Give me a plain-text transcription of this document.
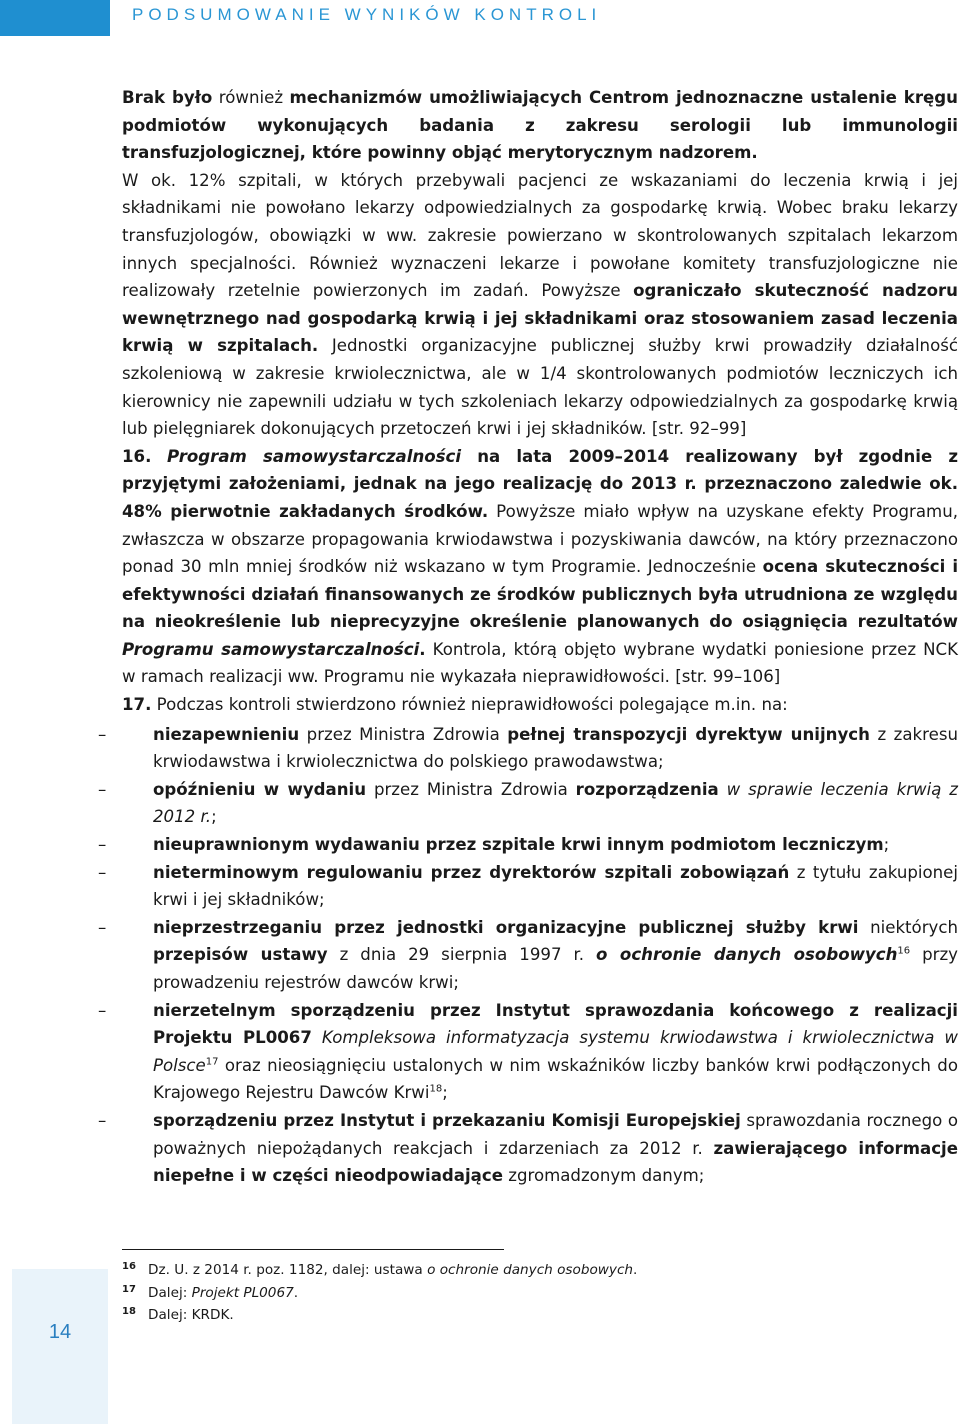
PODSUMOWANIE WYNIKÓW KONTROLI

Brak było również mechanizmów umożliwiających Centrom jednoznaczne ustalenie kręgu podmiotów wykonujących badania z zakresu serologii lub immunologii transfuzjologicznej, które powinny objąć merytorycznym nadzorem.

W ok. 12% szpitali, w których przebywali pacjenci ze wskazaniami do leczenia krwią i jej składnikami nie powołano lekarzy odpowiedzialnych za gospodarkę krwią. Wobec braku lekarzy transfuzjologów, obowiązki w ww. zakresie powierzano w skontrolowanych szpitalach lekarzom innych specjalności. Również wyznaczeni lekarze i powołane komitety transfuzjologiczne nie realizowały rzetelnie powierzonych im zadań. Powyższe ograniczało skuteczność nadzoru wewnętrznego nad gospodarką krwią i jej składnikami oraz stosowaniem zasad leczenia krwią w szpitalach. Jednostki organizacyjne publicznej służby krwi prowadziły działalność szkoleniową w zakresie krwiolecznictwa, ale w 1/4 skontrolowanych podmiotów leczniczych ich kierownicy nie zapewnili udziału w tych szkoleniach lekarzy odpowiedzialnych za gospodarkę krwią lub pielęgniarek dokonujących przetoczeń krwi i jej składników. [str. 92–99]

16. Program samowystarczalności na lata 2009–2014 realizowany był zgodnie z przyjętymi założeniami, jednak na jego realizację do 2013 r. przeznaczono zaledwie ok. 48% pierwotnie zakładanych środków. Powyższe miało wpływ na uzyskane efekty Programu, zwłaszcza w obszarze propagowania krwiodawstwa i pozyskiwania dawców, na który przeznaczono ponad 30 mln mniej środków niż wskazano w tym Programie. Jednocześnie ocena skuteczności i efektywności działań finansowanych ze środków publicznych była utrudniona ze względu na nieokreślenie lub nieprecyzyjne określenie planowanych do osiągnięcia rezultatów Programu samowystarczalności. Kontrola, którą objęto wybrane wydatki poniesione przez NCK w ramach realizacji ww. Programu nie wykazała nieprawidłowości. [str. 99–106]

17. Podczas kontroli stwierdzono również nieprawidłowości polegające m.in. na:

–	niezapewnieniu przez Ministra Zdrowia pełnej transpozycji dyrektyw unijnych z zakresu krwiodawstwa i krwiolecznictwa do polskiego prawodawstwa;
–	opóźnieniu w wydaniu przez Ministra Zdrowia rozporządzenia w sprawie leczenia krwią z 2012 r.;
–	nieuprawnionym wydawaniu przez szpitale krwi innym podmiotom leczniczym;
–	nieterminowym regulowaniu przez dyrektorów szpitali zobowiązań z tytułu zakupionej krwi i jej składników;
–	nieprzestrzeganiu przez jednostki organizacyjne publicznej służby krwi niektórych przepisów ustawy z dnia 29 sierpnia 1997 r. o ochronie danych osobowych$^{16}$ przy prowadzeniu rejestrów dawców krwi;
–	nierzetelnym sporządzeniu przez Instytut sprawozdania końcowego z realizacji Projektu PL0067 Kompleksowa informatyzacja systemu krwiodawstwa i krwiolecznictwa w Polsce$^{17}$ oraz nieosiągnięciu ustalonych w nim wskaźników liczby banków krwi podłączonych do Krajowego Rejestru Dawców Krwi$^{18}$;
–	sporządzeniu przez Instytut i przekazaniu Komisji Europejskiej sprawozdania rocznego o poważnych niepożądanych reakcjach i zdarzeniach za 2012 r. zawierającego informacje niepełne i w części nieodpowiadające zgromadzonym danym;
16 Dz. U. z 2014 r. poz. 1182, dalej: ustawa o ochronie danych osobowych.
17 Dalej: Projekt PL0067.
18 Dalej: KRDK.
14
